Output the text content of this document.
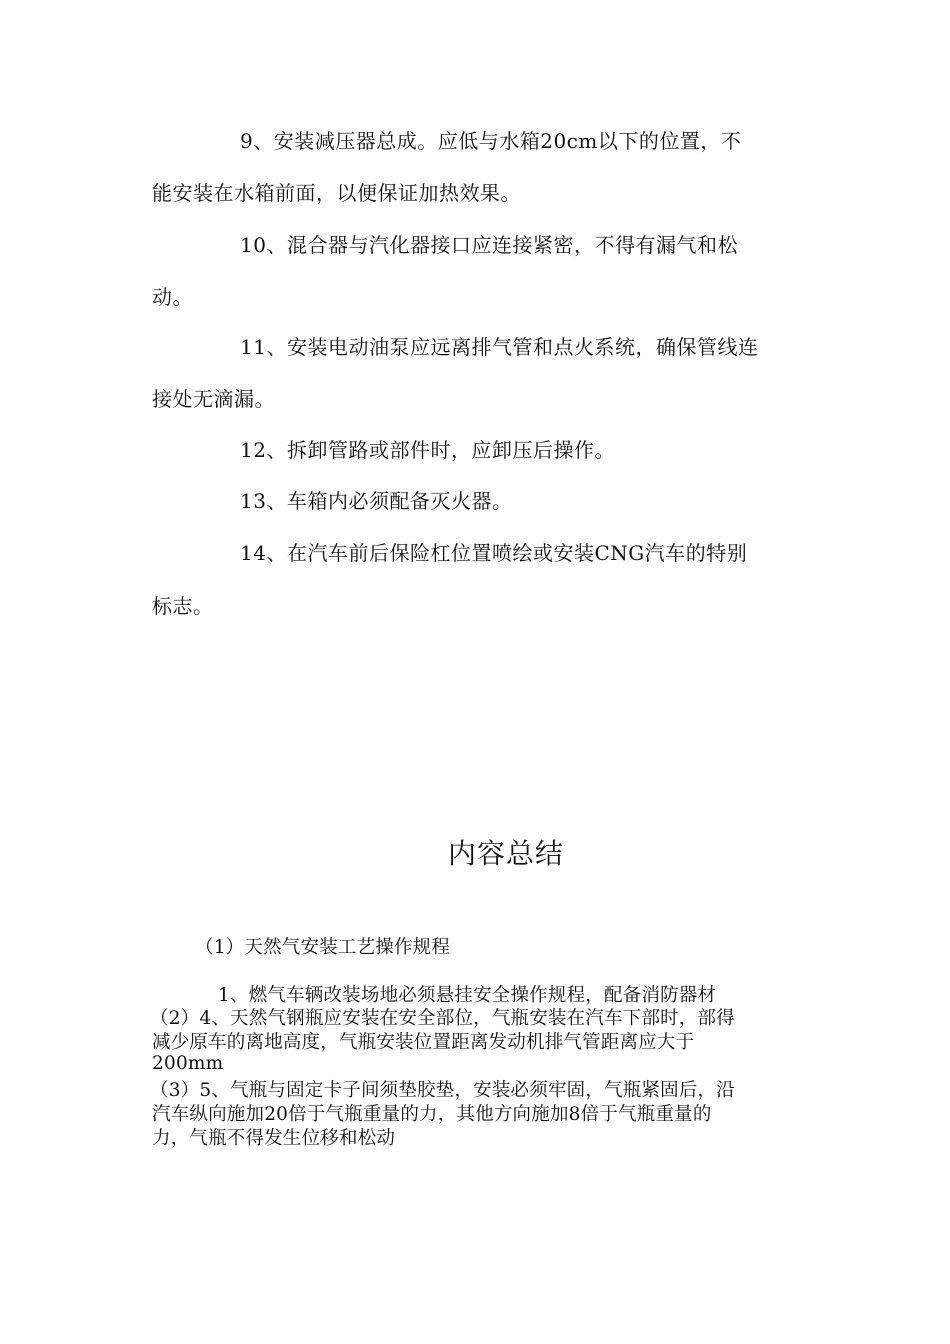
9、安装减压器总成。应低与水箱20cm以下的位置，不

能安装在水箱前面，以便保证加热效果。

10、混合器与汽化器接口应连接紧密，不得有漏气和松

动。

11、安装电动油泵应远离排气管和点火系统，确保管线连

接处无滴漏。

12、拆卸管路或部件时，应卸压后操作。

13、车箱内必须配备灭火器。

14、在汽车前后保险杠位置喷绘或安装CNG汽车的特别

标志。

内容总结

（1）天然气安装工艺操作规程

1、燃气车辆改装场地必须悬挂安全操作规程，配备消防器材

（2）4、天然气钢瓶应安装在安全部位，气瓶安装在汽车下部时，部得

减少原车的离地高度，气瓶安装位置距离发动机排气管距离应大于

200mm

（3）5、气瓶与固定卡子间须垫胶垫，安装必须牢固，气瓶紧固后，沿

汽车纵向施加20倍于气瓶重量的力，其他方向施加8倍于气瓶重量的

力，气瓶不得发生位移和松动
